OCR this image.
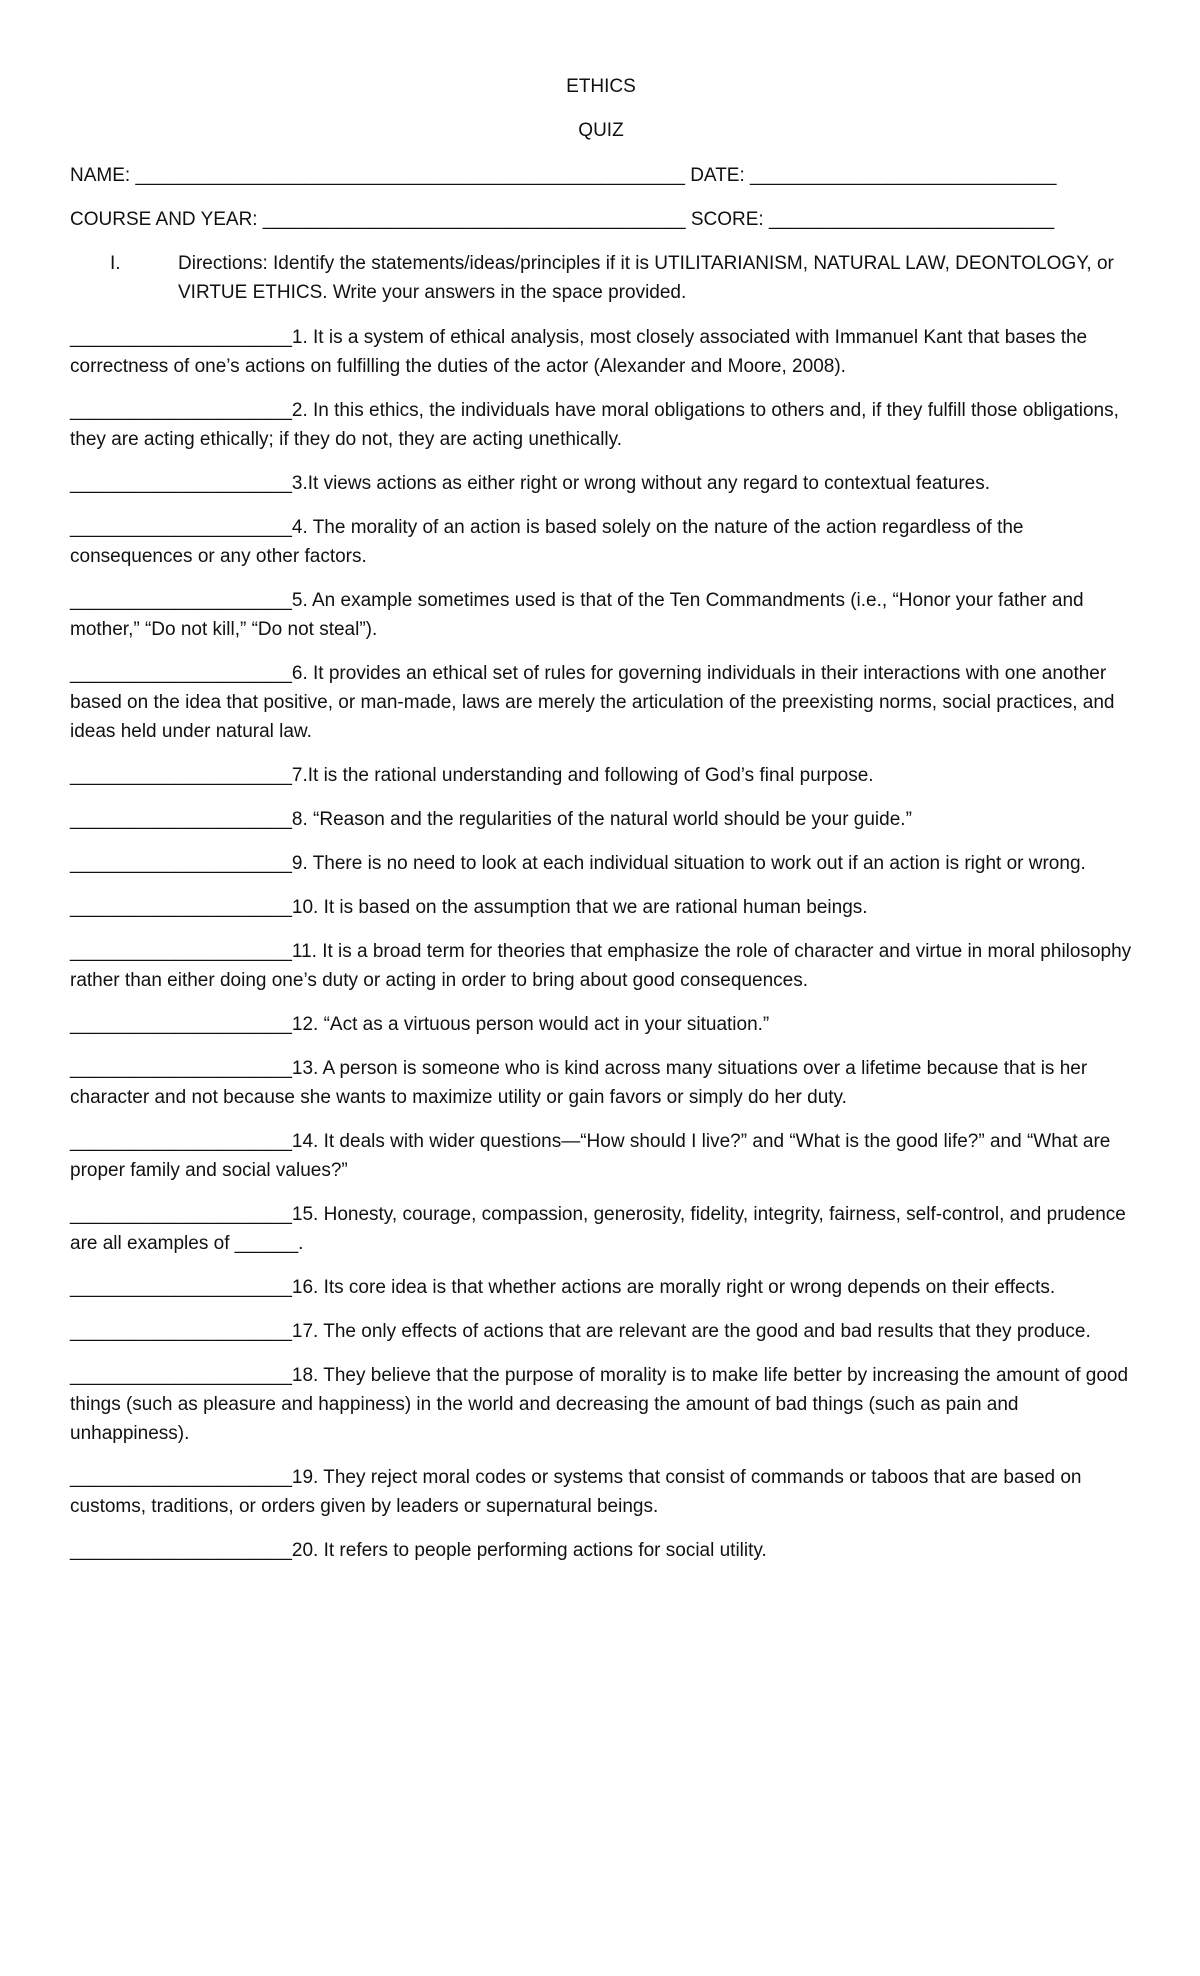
ETHICS
QUIZ
NAME: ____________________________________________________ DATE: _____________________________
COURSE AND YEAR: ________________________________________ SCORE: ___________________________
I.	Directions: Identify the statements/ideas/principles if it is UTILITARIANISM, NATURAL LAW, DEONTOLOGY, or VIRTUE ETHICS. Write your answers in the space provided.
_____________________1. It is a system of ethical analysis, most closely associated with Immanuel Kant that bases the correctness of one’s actions on fulfilling the duties of the actor (Alexander and Moore, 2008).
_____________________2. In this ethics, the individuals have moral obligations to others and, if they fulfill those obligations, they are acting ethically; if they do not, they are acting unethically.
_____________________3.It views actions as either right or wrong without any regard to contextual features.
_____________________4. The morality of an action is based solely on the nature of the action regardless of the consequences or any other factors.
_____________________5. An example sometimes used is that of the Ten Commandments (i.e., “Honor your father and mother,” “Do not kill,” “Do not steal”).
_____________________6. It provides an ethical set of rules for governing individuals in their interactions with one another based on the idea that positive, or man-made, laws are merely the articulation of the preexisting norms, social practices, and ideas held under natural law.
_____________________7.It is the rational understanding and following of God’s final purpose.
_____________________8. “Reason and the regularities of the natural world should be your guide.”
_____________________9. There is no need to look at each individual situation to work out if an action is right or wrong.
_____________________10. It is based on the assumption that we are rational human beings.
_____________________11. It is a broad term for theories that emphasize the role of character and virtue in moral philosophy rather than either doing one’s duty or acting in order to bring about good consequences.
_____________________12. “Act as a virtuous person would act in your situation.”
_____________________13. A person is someone who is kind across many situations over a lifetime because that is her character and not because she wants to maximize utility or gain favors or simply do her duty.
_____________________14. It deals with wider questions—“How should I live?” and “What is the good life?” and “What are proper family and social values?”
_____________________15. Honesty, courage, compassion, generosity, fidelity, integrity, fairness, self-control, and prudence are all examples of ______.
_____________________16. Its core idea is that whether actions are morally right or wrong depends on their effects.
_____________________17. The only effects of actions that are relevant are the good and bad results that they produce.
_____________________18. They believe that the purpose of morality is to make life better by increasing the amount of good things (such as pleasure and happiness) in the world and decreasing the amount of bad things (such as pain and unhappiness).
_____________________19. They reject moral codes or systems that consist of commands or taboos that are based on customs, traditions, or orders given by leaders or supernatural beings.
_____________________20. It refers to people performing actions for social utility.
